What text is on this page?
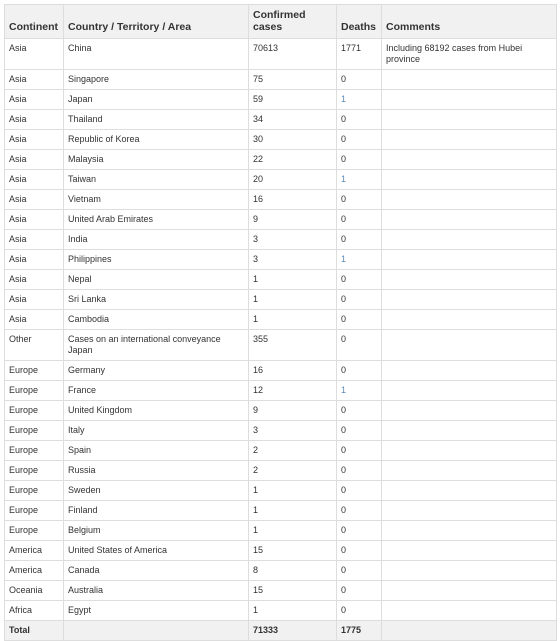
Continent	Country / Territory / Area	Confirmed cases	Deaths	Comments
Asia	China	70613	1771	Including 68192 cases from Hubei province
Asia	Singapore	75	0	
Asia	Japan	59	1	
Asia	Thailand	34	0	
Asia	Republic of Korea	30	0	
Asia	Malaysia	22	0	
Asia	Taiwan	20	1	
Asia	Vietnam	16	0	
Asia	United Arab Emirates	9	0	
Asia	India	3	0	
Asia	Philippines	3	1	
Asia	Nepal	1	0	
Asia	Sri Lanka	1	0	
Asia	Cambodia	1	0	
Other	Cases on an international conveyance Japan	355	0	
Europe	Germany	16	0	
Europe	France	12	1	
Europe	United Kingdom	9	0	
Europe	Italy	3	0	
Europe	Spain	2	0	
Europe	Russia	2	0	
Europe	Sweden	1	0	
Europe	Finland	1	0	
Europe	Belgium	1	0	
America	United States of America	15	0	
America	Canada	8	0	
Oceania	Australia	15	0	
Africa	Egypt	1	0	
Total		71333	1775	
